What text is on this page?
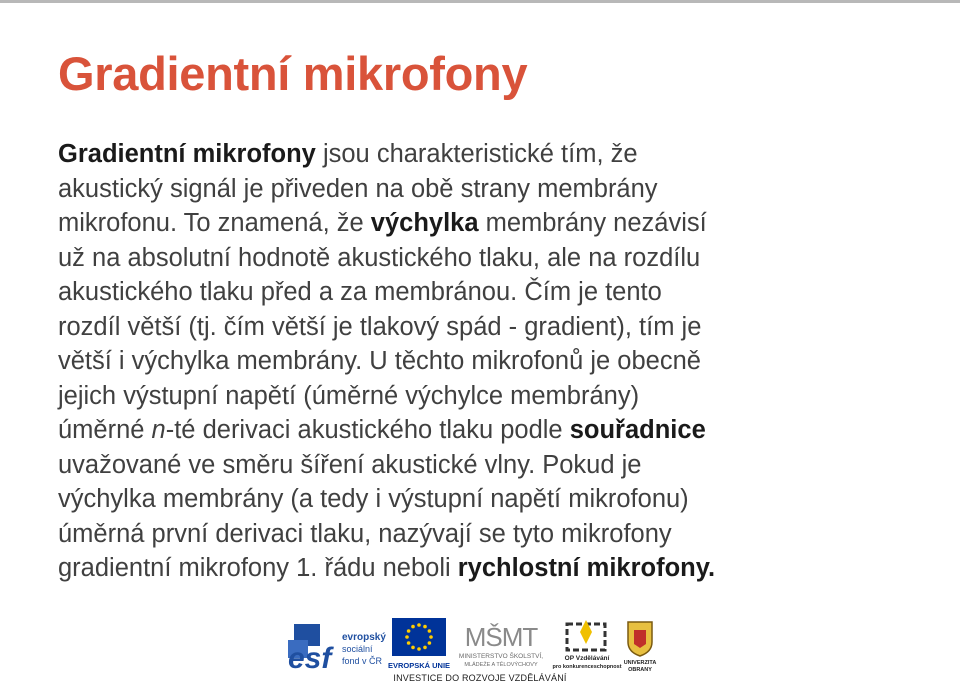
Gradientní mikrofony
Gradientní mikrofony jsou charakteristické tím, že
akustický signál je přiveden na obě strany membrány
mikrofonu. To znamená, že výchylka membrány nezávisí
už na absolutní hodnotě akustického tlaku, ale na rozdílu
akustického tlaku před a za membránou. Čím je tento
rozdíl větší (tj. čím větší je tlakový spád - gradient), tím je
větší i výchylka membrány. U těchto mikrofonů je obecně
jejich výstupní napětí (úměrné výchylce membrány)
úměrné n-té derivaci akustického tlaku podle souřadnice
uvažované ve směru šíření akustické vlny. Pokud je
výchylka membrány (a tedy i výstupní napětí mikrofonu)
úměrná první derivaci tlaku, nazývají se tyto mikrofony
gradientní mikrofony 1. řádu neboli rychlostní mikrofony.
esf
evropský
sociální
fond v ČR EVROPSKÁ UNIE
MŠMT
MINISTERSTVO ŠKOLSTVÍ,
MLÁDEŽE A TĚLOVÝCHOVY
OP Vzdělávání
pro konkurenceschopnost
UNIVERZITA
OBRANY
INVESTICE DO ROZVOJE VZDĚLÁVÁNÍ
